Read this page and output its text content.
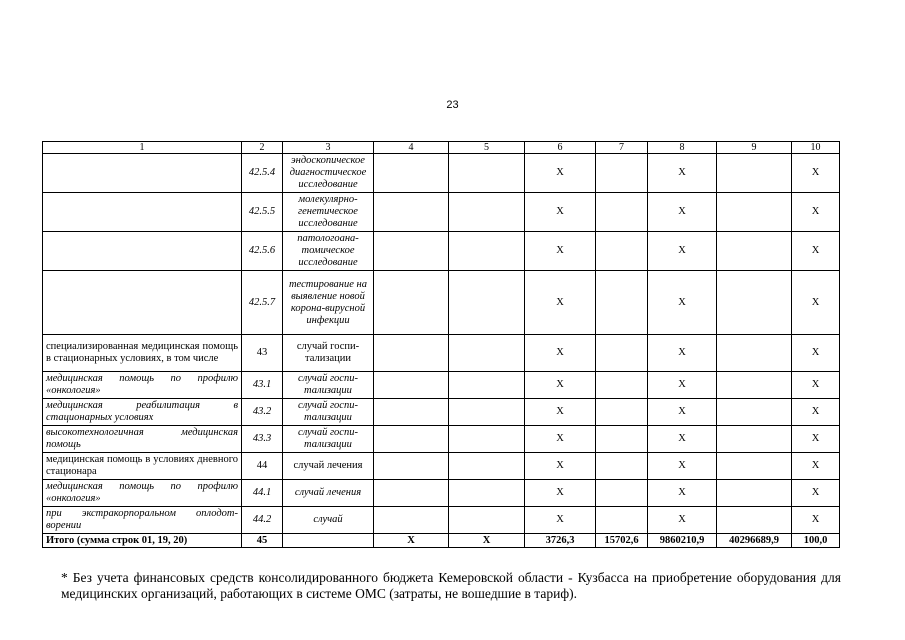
23
1	2	3	4	5	6	7	8	9	10
	42.5.4	эндоскопическое диагностическое исследование			Х		Х		Х
	42.5.5	молекулярно-генетическое исследование			Х		Х		Х
	42.5.6	патологоана-томическое исследование			Х		Х		Х
	42.5.7	тестирование на выявление новой корона-вирусной инфекции			Х		Х		Х
специализированная медицинская помощь в стационарных условиях, в том числе	43	случай госпи-тализации			Х		Х		Х
медицинская помощь по профилю «онкология»	43.1	случай госпи-тализации			Х		Х		Х
медицинская реабилитация в стационарных условиях	43.2	случай госпи-тализации			Х		Х		Х
высокотехнологичная медицинская помощь	43.3	случай госпи-тализации			Х		Х		Х
медицинская помощь в условиях дневного стационара	44	случай лечения			Х		Х		Х
медицинская помощь по профилю «онкология»	44.1	случай лечения			Х		Х		Х
при экстракорпоральном оплодот-ворении	44.2	случай			Х		Х		Х
Итого (сумма строк 01, 19, 20)	45		Х	Х	3726,3	15702,6	9860210,9	40296689,9	100,0
* Без учета финансовых средств консолидированного бюджета Кемеровской области - Кузбасса на приобретение оборудования для медицинских организаций, работающих в системе ОМС (затраты, не вошедшие в тариф).
